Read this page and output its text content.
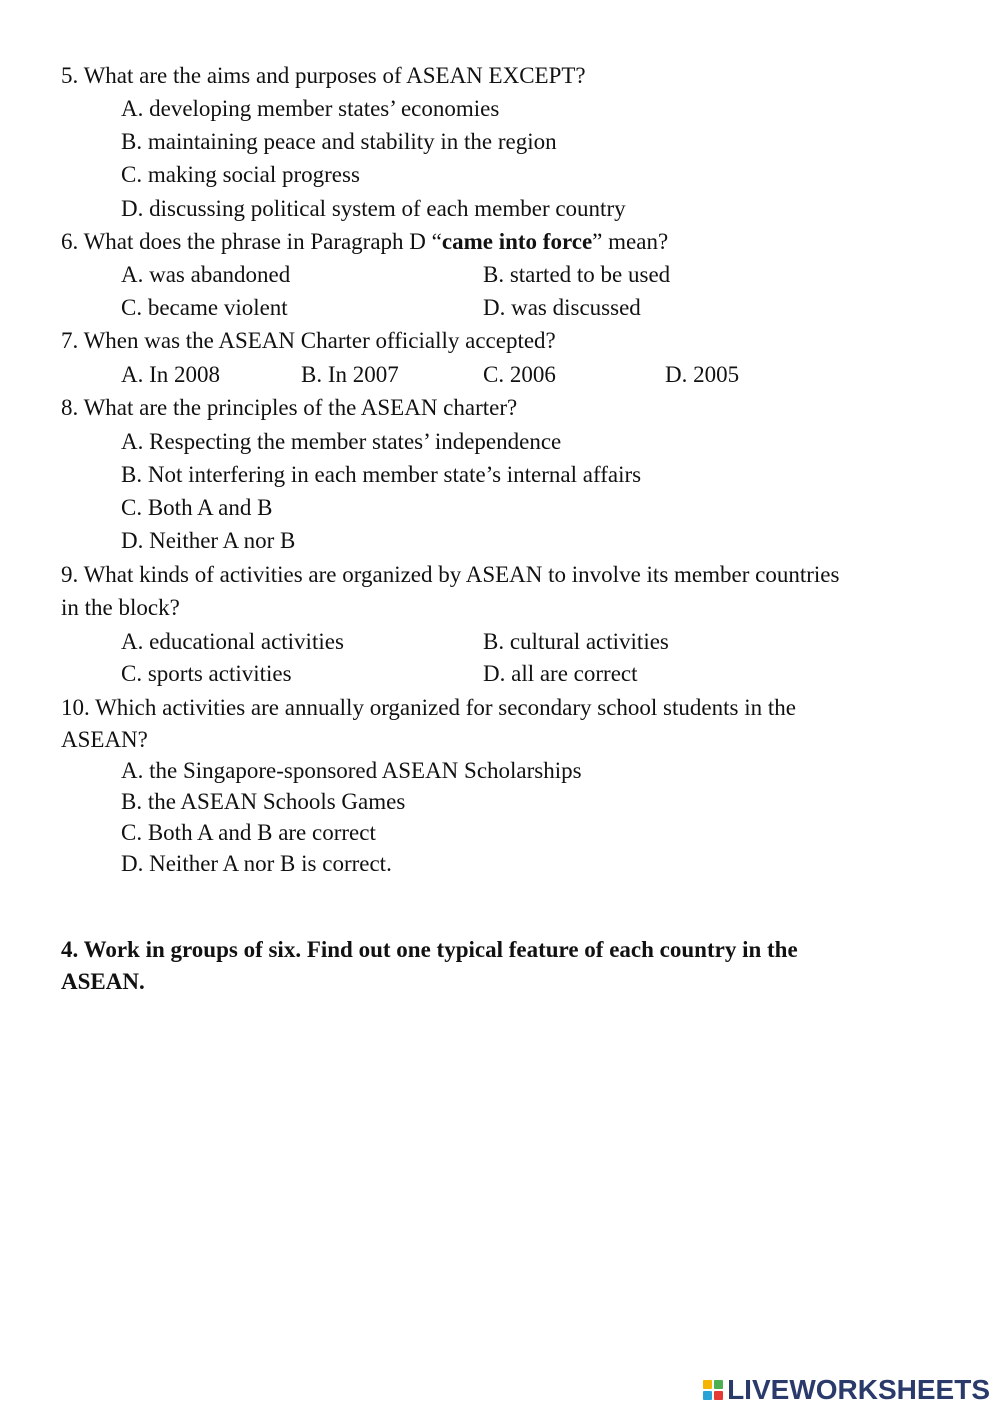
5. What are the aims and purposes of ASEAN EXCEPT?
A. developing member states’ economies
B. maintaining peace and stability in the region
C. making social progress
D. discussing political system of each member country
6. What does the phrase in Paragraph D “came into force” mean?
A. was abandoned	B. started to be used
C. became violent	D. was discussed
7. When was the ASEAN Charter officially accepted?
A. In 2008	B. In 2007	C. 2006	D. 2005
8. What are the principles of the ASEAN charter?
A. Respecting the member states’ independence
B. Not interfering in each member state’s internal affairs
C. Both A and B
D. Neither A nor B
9. What kinds of activities are organized by ASEAN to involve its member countries
in the block?
A. educational activities	B. cultural activities
C. sports activities	D. all are correct
10. Which activities are annually organized for secondary school students in the
ASEAN?
A. the Singapore-sponsored ASEAN Scholarships
B. the ASEAN Schools Games
C. Both A and B are correct
D. Neither A nor B is correct.
4. Work in groups of six. Find out one typical feature of each country in the
ASEAN.
LIVEWORKSHEETS
